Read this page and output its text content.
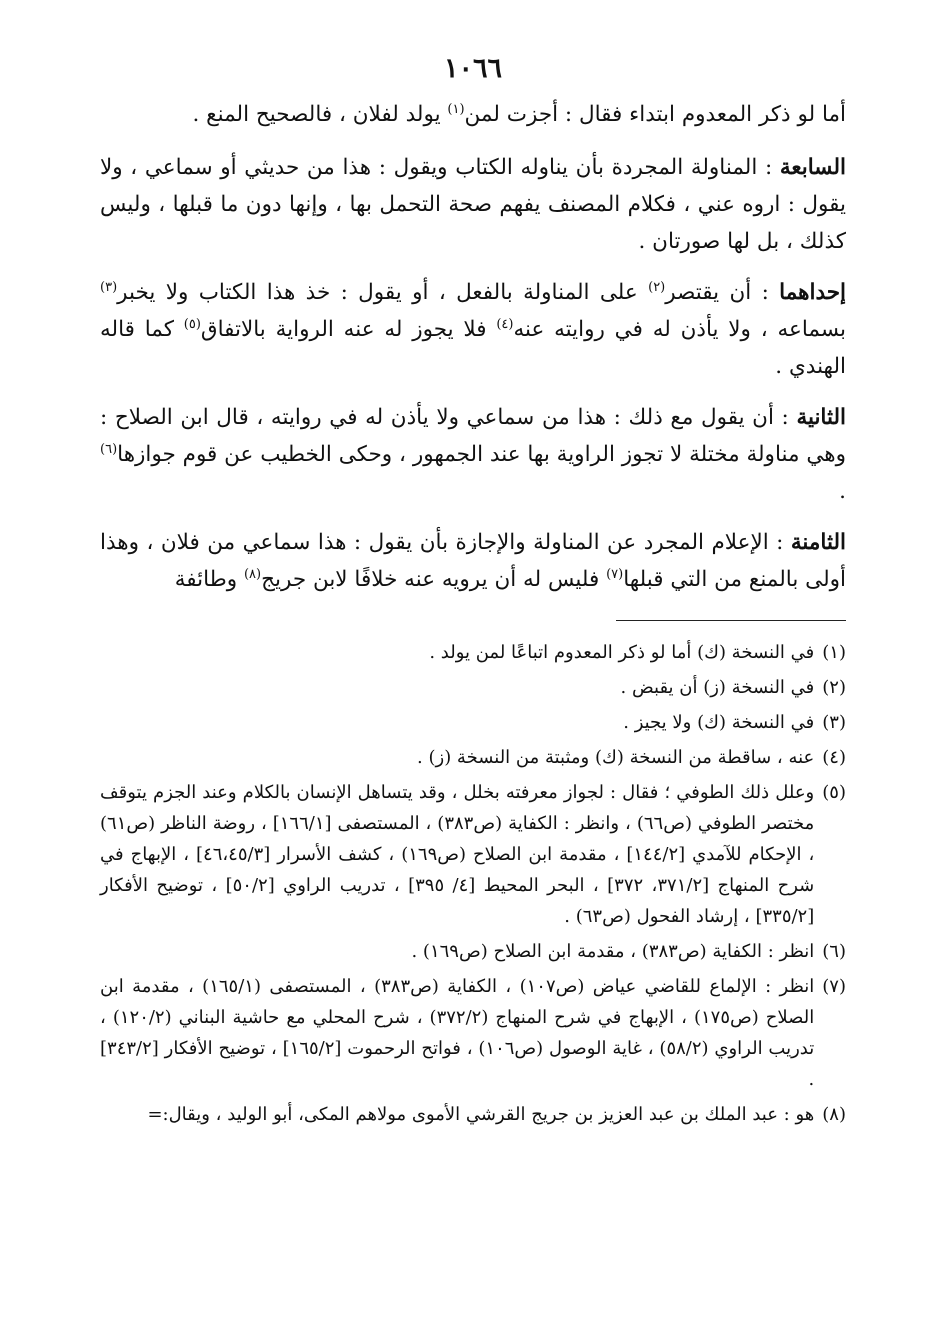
١٠٦٦

أما لو ذكر المعدوم ابتداء فقال : أجزت لمن$^{(١)}$ يولد لفلان ، فالصحيح المنع .

السابعة : المناولة المجردة بأن يناوله الكتاب ويقول : هذا من حديثي أو سماعي ، ولا يقول : اروه عني ، فكلام المصنف يفهم صحة التحمل بها ، وإنها دون ما قبلها ، وليس كذلك ، بل لها صورتان .

إحداهما : أن يقتصر$^{(٢)}$ على المناولة بالفعل ، أو يقول : خذ هذا الكتاب ولا يخبر$^{(٣)}$ بسماعه ، ولا يأذن له في روايته عنه$^{(٤)}$ فلا يجوز له عنه الرواية بالاتفاق$^{(٥)}$ كما قاله الهندي .

الثانية : أن يقول مع ذلك : هذا من سماعي ولا يأذن له في روايته ، قال ابن الصلاح : وهي مناولة مختلة لا تجوز الراوية بها عند الجمهور ، وحكى الخطيب عن قوم جوازها$^{(٦)}$ .

الثامنة : الإعلام المجرد عن المناولة والإجازة بأن يقول : هذا سماعي من فلان ، وهذا أولى بالمنع من التي قبلها$^{(٧)}$ فليس له أن يرويه عنه خلافًا لابن جريج$^{(٨)}$ وطائفة

(١)
في النسخة (ك) أما لو ذكر المعدوم اتباعًا لمن يولد .
(٢)
في النسخة (ز) أن يقبض .
(٣)
في النسخة (ك) ولا يجيز .
(٤)
عنه ، ساقطة من النسخة (ك) ومثبتة من النسخة (ز) .
(٥)
وعلل ذلك الطوفي ؛ فقال : لجواز معرفته بخلل ، وقد يتساهل الإنسان بالكلام وعند الجزم يتوقف مختصر الطوفي (ص٦٦) ، وانظر : الكفاية (ص٣٨٣) ، المستصفى [١٦٦/١] ، روضة الناظر (ص٦١) ، الإحكام للآمدي [١٤٤/٢] ، مقدمة ابن الصلاح (ص١٦٩) ، كشف الأسرار [٤٦،٤٥/٣] ، الإبهاج في شرح المنهاج [٣٧١/٢، ٣٧٢] ، البحر المحيط [٤/ ٣٩٥] ، تدريب الراوي [٥٠/٢] ، توضيح الأفكار [٣٣٥/٢] ، إرشاد الفحول (ص٦٣) .
(٦)
انظر : الكفاية (ص٣٨٣) ، مقدمة ابن الصلاح (ص١٦٩) .
(٧)
انظر : الإلماع للقاضي عياض (ص١٠٧) ، الكفاية (ص٣٨٣) ، المستصفى (١٦٥/١) ، مقدمة ابن الصلاح (ص١٧٥) ، الإبهاج في شرح المنهاج (٣٧٢/٢) ، شرح المحلي مع حاشية البناني (١٢٠/٢) ، تدريب الراوي (٥٨/٢) ، غاية الوصول (ص١٠٦) ، فواتح الرحموت [١٦٥/٢] ، توضيح الأفكار [٣٤٣/٢] .
(٨)
هو : عبد الملك بن عبد العزيز بن جريج القرشي الأموى مولاهم المكى، أبو الوليد ، ويقال:=
